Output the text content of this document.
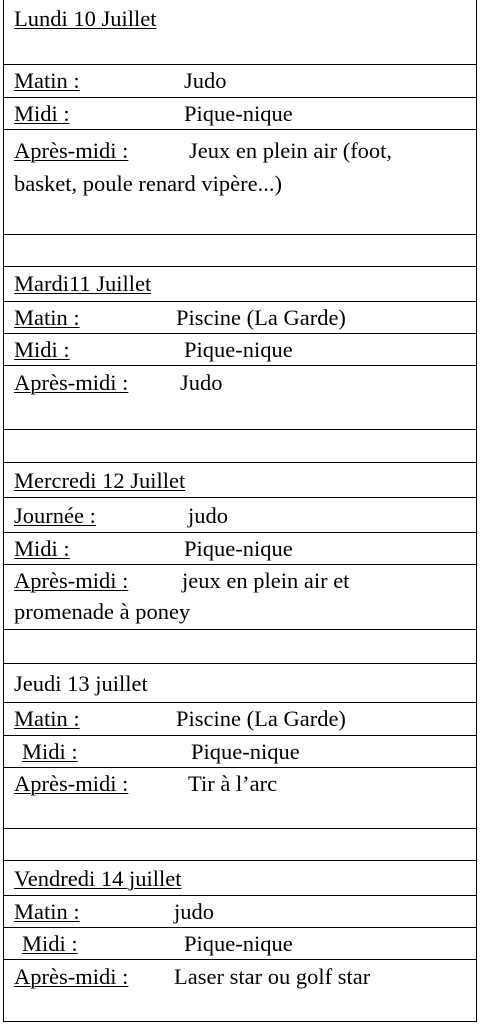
Lundi 10 Juillet
Matin :	Judo
Midi :	Pique-nique
Après-midi :	Jeux en plein air (foot,
basket, poule renard vipère...)
Mardi11 Juillet
Matin :	Piscine (La Garde)
Midi :	Pique-nique
Après-midi : Judo
Mercredi 12 Juillet
Journée :	judo
Midi :	Pique-nique
Après-midi : jeux en plein air et
promenade à poney
Jeudi 13 juillet
Matin :	Piscine (La Garde)
Midi :	Pique-nique
Après-midi :	Tir à l’arc
Vendredi 14 juillet
Matin :	judo
Midi :	Pique-nique
Après-midi : Laser star ou golf star
